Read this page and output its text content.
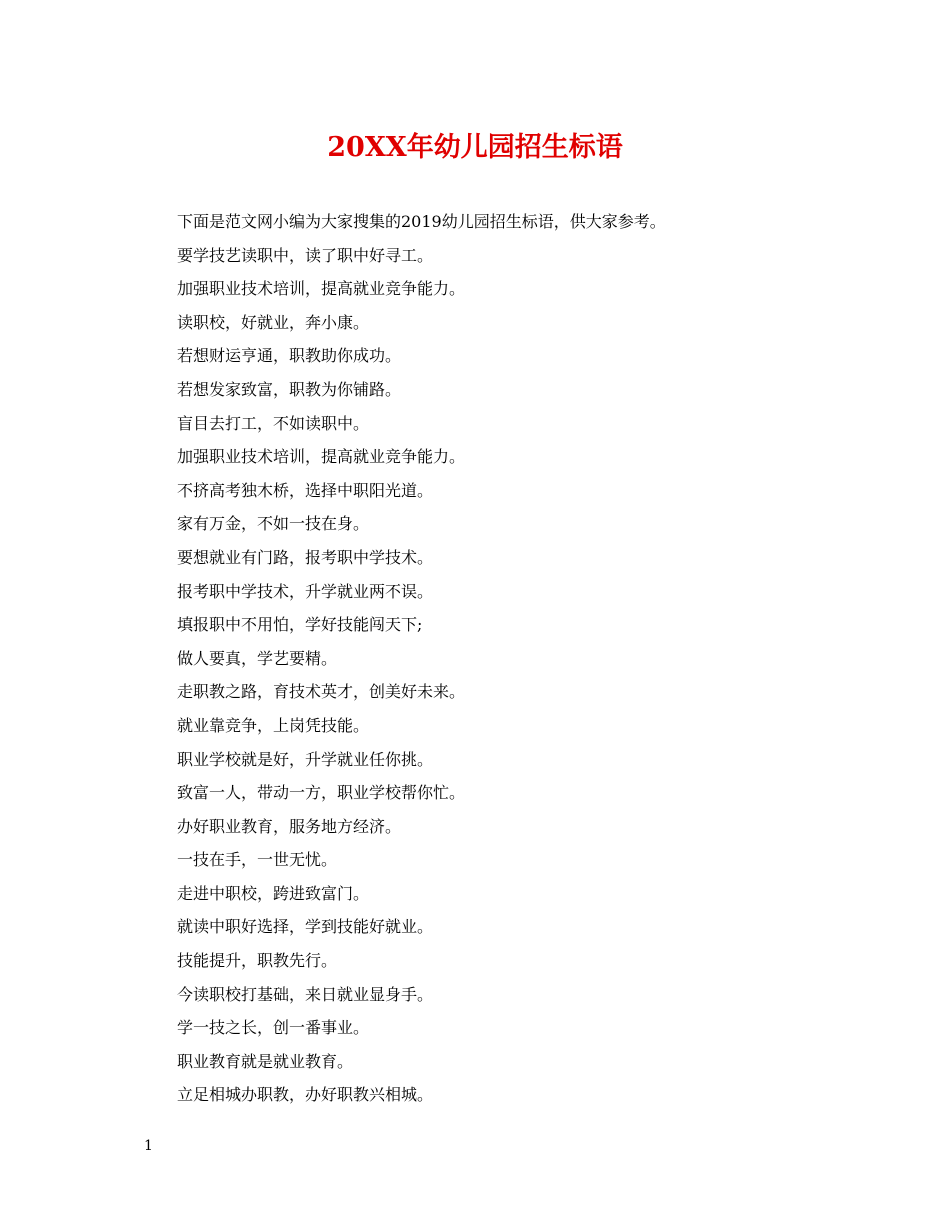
20XX年幼儿园招生标语
下面是范文网小编为大家搜集的2019幼儿园招生标语，供大家参考。
要学技艺读职中，读了职中好寻工。
加强职业技术培训，提高就业竞争能力。
读职校，好就业，奔小康。
若想财运亨通，职教助你成功。
若想发家致富，职教为你铺路。
盲目去打工，不如读职中。
加强职业技术培训，提高就业竞争能力。
不挤高考独木桥，选择中职阳光道。
家有万金，不如一技在身。
要想就业有门路，报考职中学技术。
报考职中学技术，升学就业两不误。
填报职中不用怕，学好技能闯天下;
做人要真，学艺要精。
走职教之路，育技术英才，创美好未来。
就业靠竞争，上岗凭技能。
职业学校就是好，升学就业任你挑。
致富一人，带动一方，职业学校帮你忙。
办好职业教育，服务地方经济。
一技在手，一世无忧。
走进中职校，跨进致富门。
就读中职好选择，学到技能好就业。
技能提升，职教先行。
今读职校打基础，来日就业显身手。
学一技之长，创一番事业。
职业教育就是就业教育。
立足相城办职教，办好职教兴相城。
1
